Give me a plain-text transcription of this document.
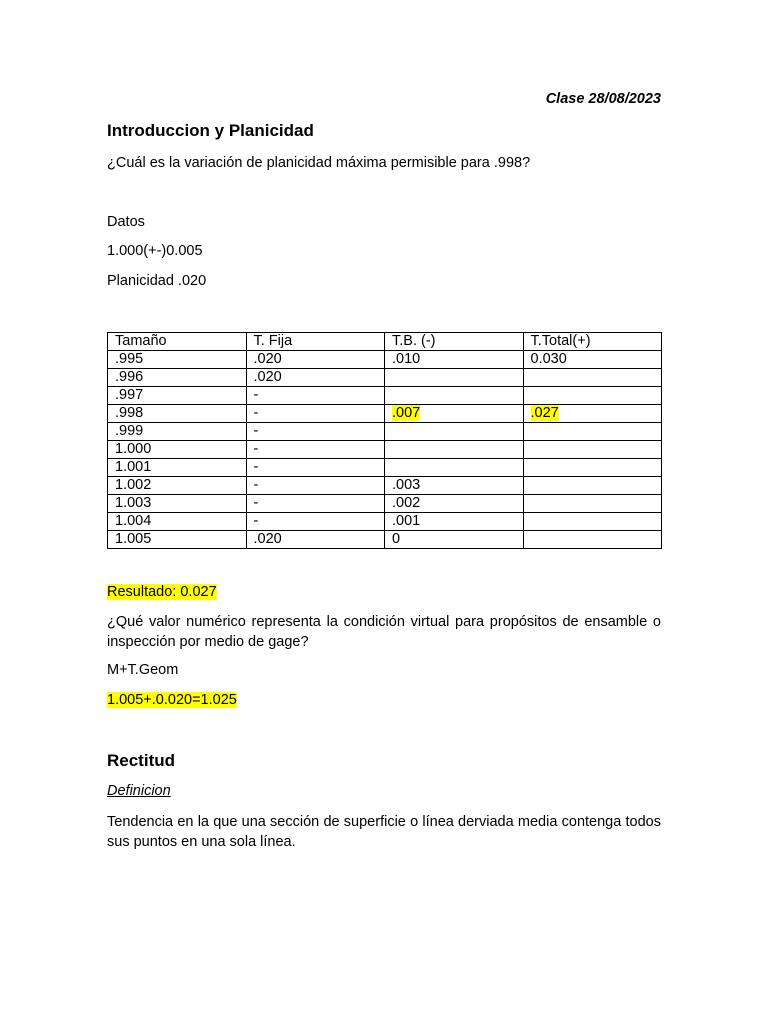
Clase 28/08/2023
Introduccion y Planicidad
¿Cuál es la variación de planicidad máxima permisible para .998?
Datos
1.000(+-)0.005
Planicidad .020
Tamaño	T. Fija	T.B. (-)	T.Total(+)
.995	.020	.010	0.030
.996	.020		
.997	-		
.998	-	.007	.027
.999	-		
1.000	-		
1.001	-		
1.002	-	.003	
1.003	-	.002	
1.004	-	.001	
1.005	.020	0	
Resultado: 0.027
¿Qué valor numérico representa la condición virtual para propósitos de ensamble o inspección por medio de gage?
M+T.Geom
1.005+.0.020=1.025
Rectitud
Definicion
Tendencia en la que una sección de superficie o línea derviada media contenga todos sus puntos en una sola línea.
